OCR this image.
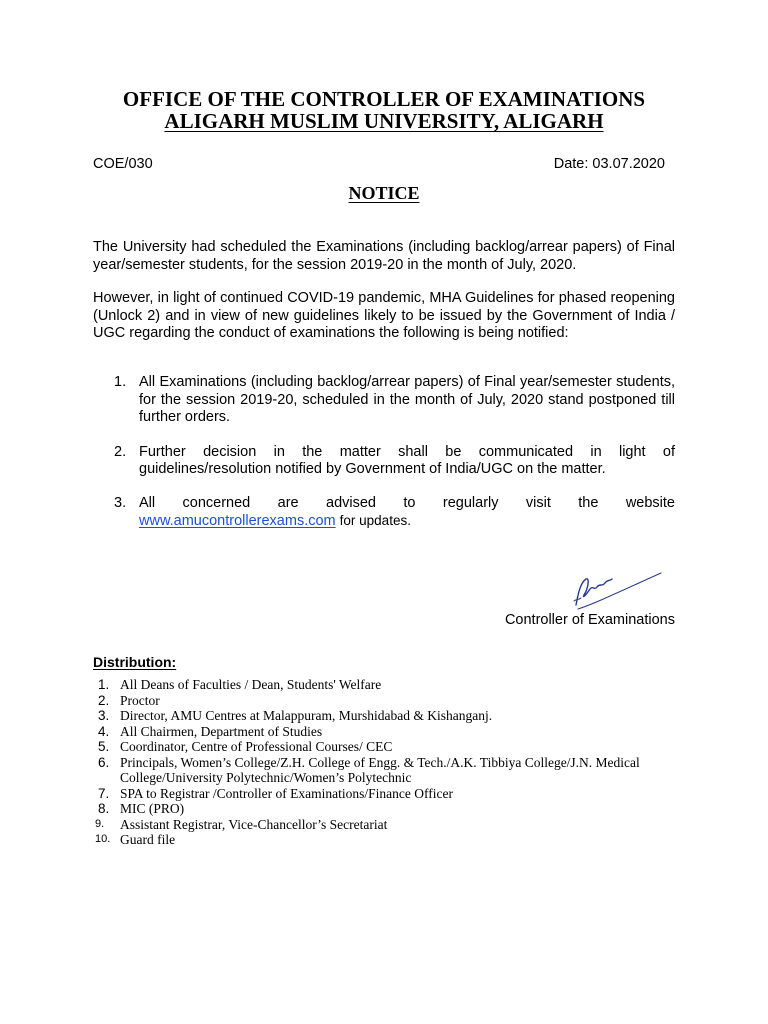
OFFICE OF THE CONTROLLER OF EXAMINATIONS
ALIGARH MUSLIM UNIVERSITY, ALIGARH
COE/030	Date: 03.07.2020
NOTICE

The University had scheduled the Examinations (including backlog/arrear papers) of Final year/semester students, for the session 2019-20 in the month of July, 2020.

However, in light of continued COVID-19 pandemic, MHA Guidelines for phased reopening (Unlock 2) and in view of new guidelines likely to be issued by the Government of India / UGC regarding the conduct of examinations the following is being notified:

1. All Examinations (including backlog/arrear papers) of Final year/semester students, for the session 2019-20, scheduled in the month of July, 2020 stand postponed till further orders.
2. Further decision in the matter shall be communicated in light of guidelines/resolution notified by Government of India/UGC on the matter.
3. All concerned are advised to regularly visit the website
www.amucontrollerexams.com for updates.
Controller of Examinations
Distribution:
1. All Deans of Faculties / Dean, Students' Welfare
2. Proctor
3. Director, AMU Centres at Malappuram, Murshidabad & Kishanganj.
4. All Chairmen, Department of Studies
5. Coordinator, Centre of Professional Courses/ CEC
6. Principals, Women’s College/Z.H. College of Engg. & Tech./A.K. Tibbiya College/J.N. Medical College/University Polytechnic/Women’s Polytechnic
7. SPA to Registrar /Controller of Examinations/Finance Officer
8. MIC (PRO)
9. Assistant Registrar, Vice-Chancellor’s Secretariat
10. Guard file
